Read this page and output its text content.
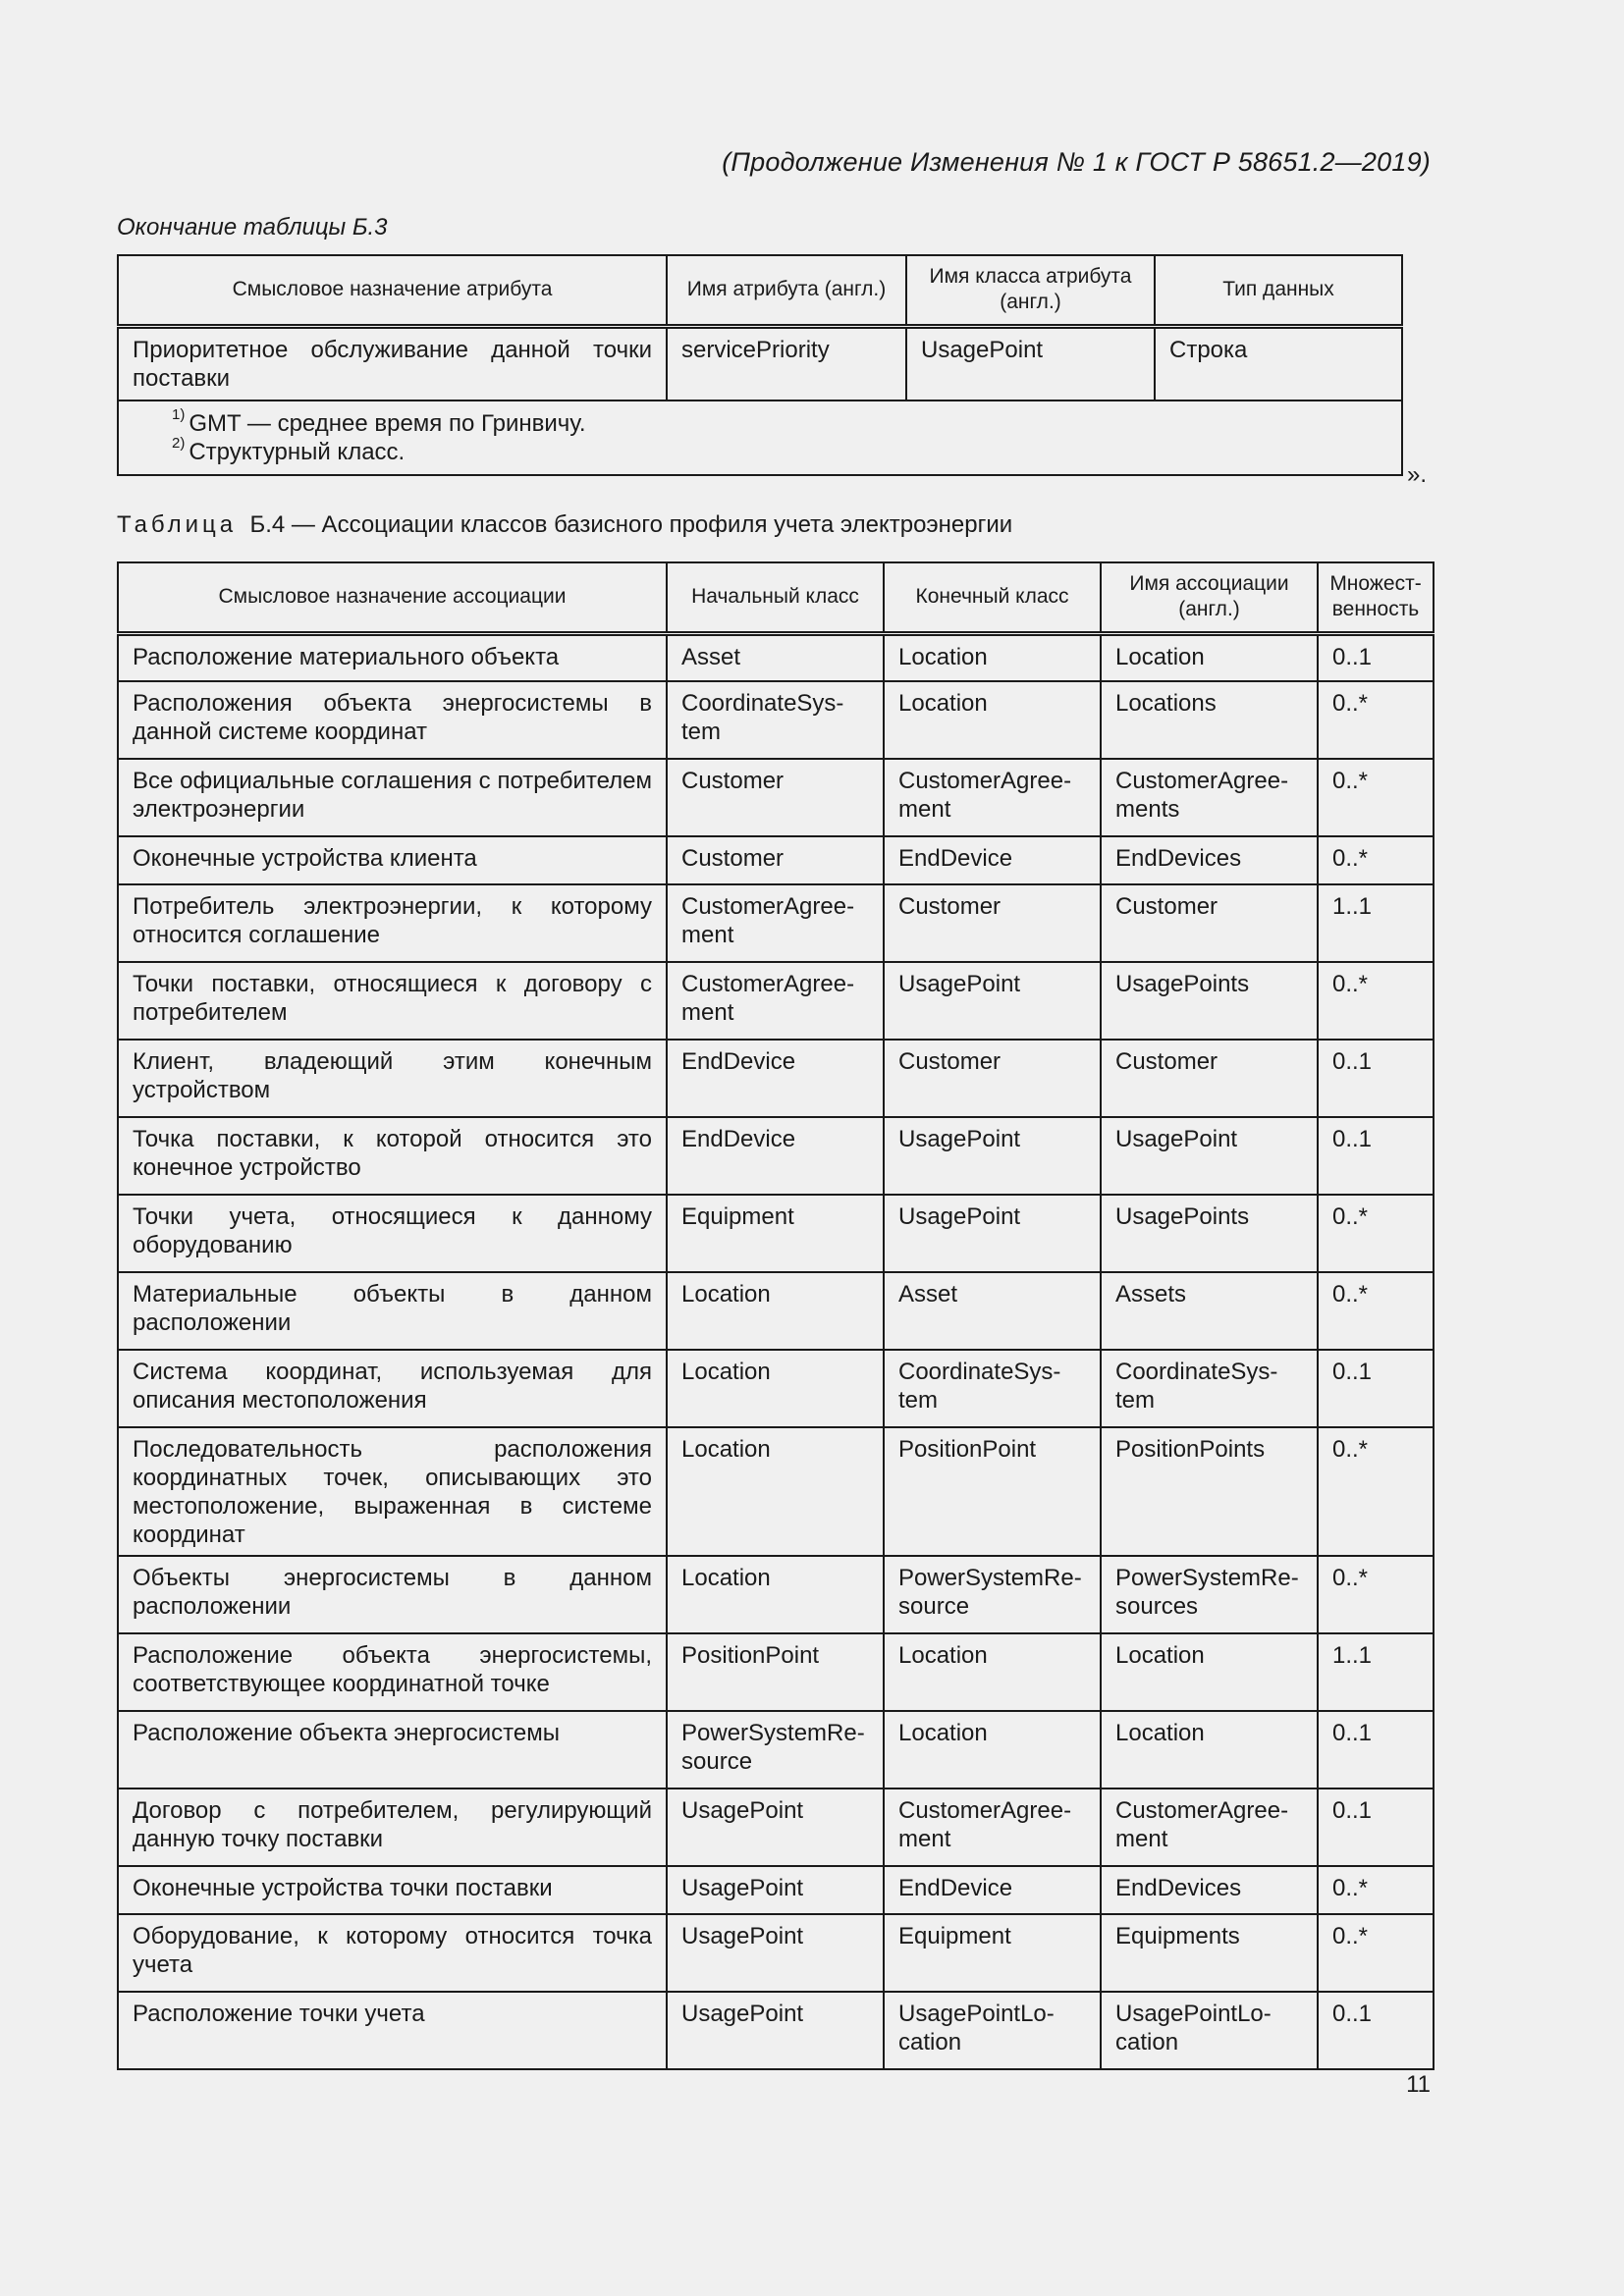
(Продолжение Изменения № 1 к ГОСТ Р 58651.2—2019)
Окончание таблицы Б.3
Смысловое назначение атрибута	Имя атрибута (англ.)	Имя класса атрибута (англ.)	Тип данных
Приоритетное обслуживание данной точки поставки	servicePriority	UsagePoint	Строка

$^{1)}$ GMT — среднее время по Гринвичу.
$^{2)}$ Структурный класс.			
».
Таблица Б.4 — Ассоциации классов базисного профиля учета электроэнергии
Смысловое назначение ассоциации	Начальный класс	Конечный класс	Имя ассоциации (англ.)	Множест-венность
Расположение материального объекта	Asset	Location	Location	0..1
Расположения объекта энергосистемы в данной системе координат	CoordinateSys-tem	Location	Locations	0..*
Все официальные соглашения с потребителем электроэнергии	Customer	CustomerAgree-ment	CustomerAgree-ments	0..*
Оконечные устройства клиента	Customer	EndDevice	EndDevices	0..*
Потребитель электроэнергии, к которому относится соглашение	CustomerAgree-ment	Customer	Customer	1..1
Точки поставки, относящиеся к договору с потребителем	CustomerAgree-ment	UsagePoint	UsagePoints	0..*
Клиент, владеющий этим конечным устройством	EndDevice	Customer	Customer	0..1
Точка поставки, к которой относится это конечное устройство	EndDevice	UsagePoint	UsagePoint	0..1
Точки учета, относящиеся к данному оборудованию	Equipment	UsagePoint	UsagePoints	0..*
Материальные объекты в данном расположении	Location	Asset	Assets	0..*
Система координат, используемая для описания местоположения	Location	CoordinateSys-tem	CoordinateSys-tem	0..1
Последовательность расположения координатных точек, описывающих это местоположение, выраженная в системе координат	Location	PositionPoint	PositionPoints	0..*
Объекты энергосистемы в данном расположении	Location	PowerSystemRe-source	PowerSystemRe-sources	0..*
Расположение объекта энергосистемы, соответствующее координатной точке	PositionPoint	Location	Location	1..1
Расположение объекта энергосистемы	PowerSystemRe-source	Location	Location	0..1
Договор с потребителем, регулирующий данную точку поставки	UsagePoint	CustomerAgree-ment	CustomerAgree-ment	0..1
Оконечные устройства точки поставки	UsagePoint	EndDevice	EndDevices	0..*
Оборудование, к которому относится точка учета	UsagePoint	Equipment	Equipments	0..*
Расположение точки учета	UsagePoint	UsagePointLo-cation	UsagePointLo-cation	0..1
11
